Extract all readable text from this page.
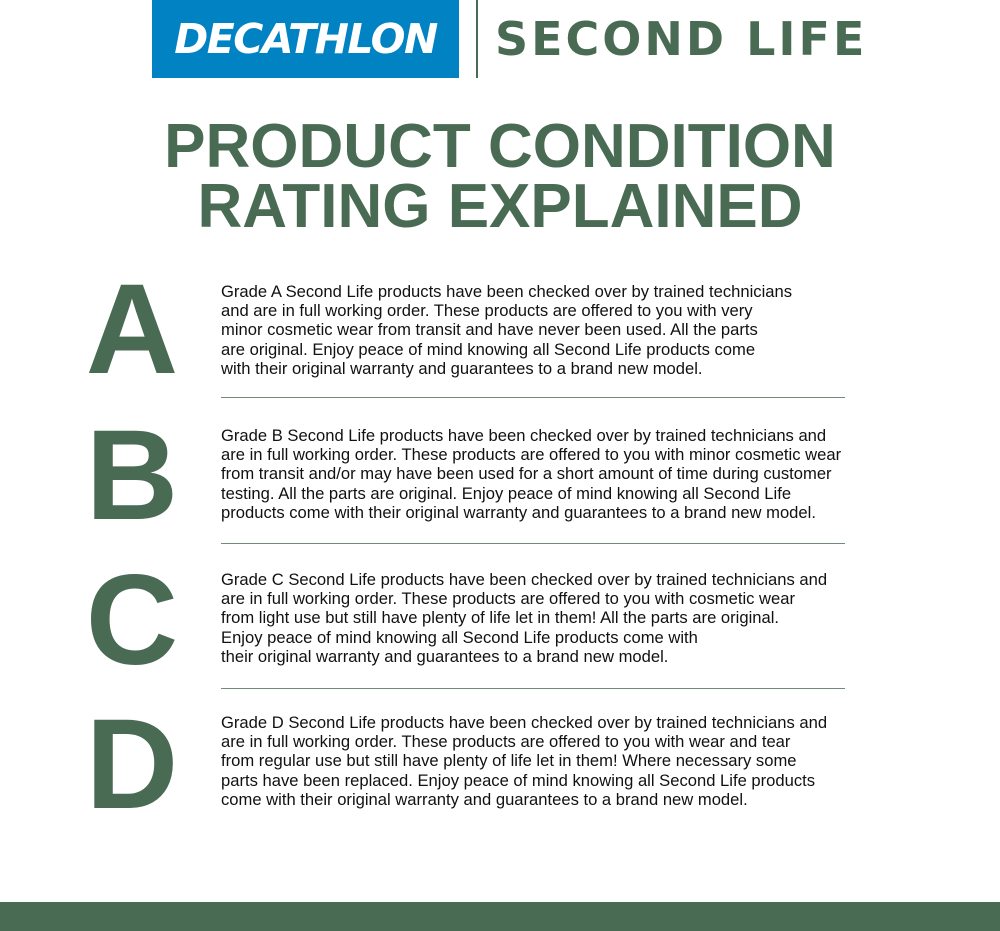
DECATHLON	SECOND LIFE
PRODUCT CONDITION
RATING EXPLAINED
A	Grade A Second Life products have been checked over by trained technicians
and are in full working order. These products are offered to you with very
minor cosmetic wear from transit and have never been used. All the parts
are original. Enjoy peace of mind knowing all Second Life products come
with their original warranty and guarantees to a brand new model.

B	Grade B Second Life products have been checked over by trained technicians and
are in full working order. These products are offered to you with minor cosmetic wear
from transit and/or may have been used for a short amount of time during customer
testing. All the parts are original. Enjoy peace of mind knowing all Second Life
products come with their original warranty and guarantees to a brand new model.

C	Grade C Second Life products have been checked over by trained technicians and
are in full working order. These products are offered to you with cosmetic wear
from light use but still have plenty of life let in them! All the parts are original.
Enjoy peace of mind knowing all Second Life products come with
their original warranty and guarantees to a brand new model.

D	Grade D Second Life products have been checked over by trained technicians and
are in full working order. These products are offered to you with wear and tear
from regular use but still have plenty of life let in them! Where necessary some
parts have been replaced. Enjoy peace of mind knowing all Second Life products
come with their original warranty and guarantees to a brand new model.
